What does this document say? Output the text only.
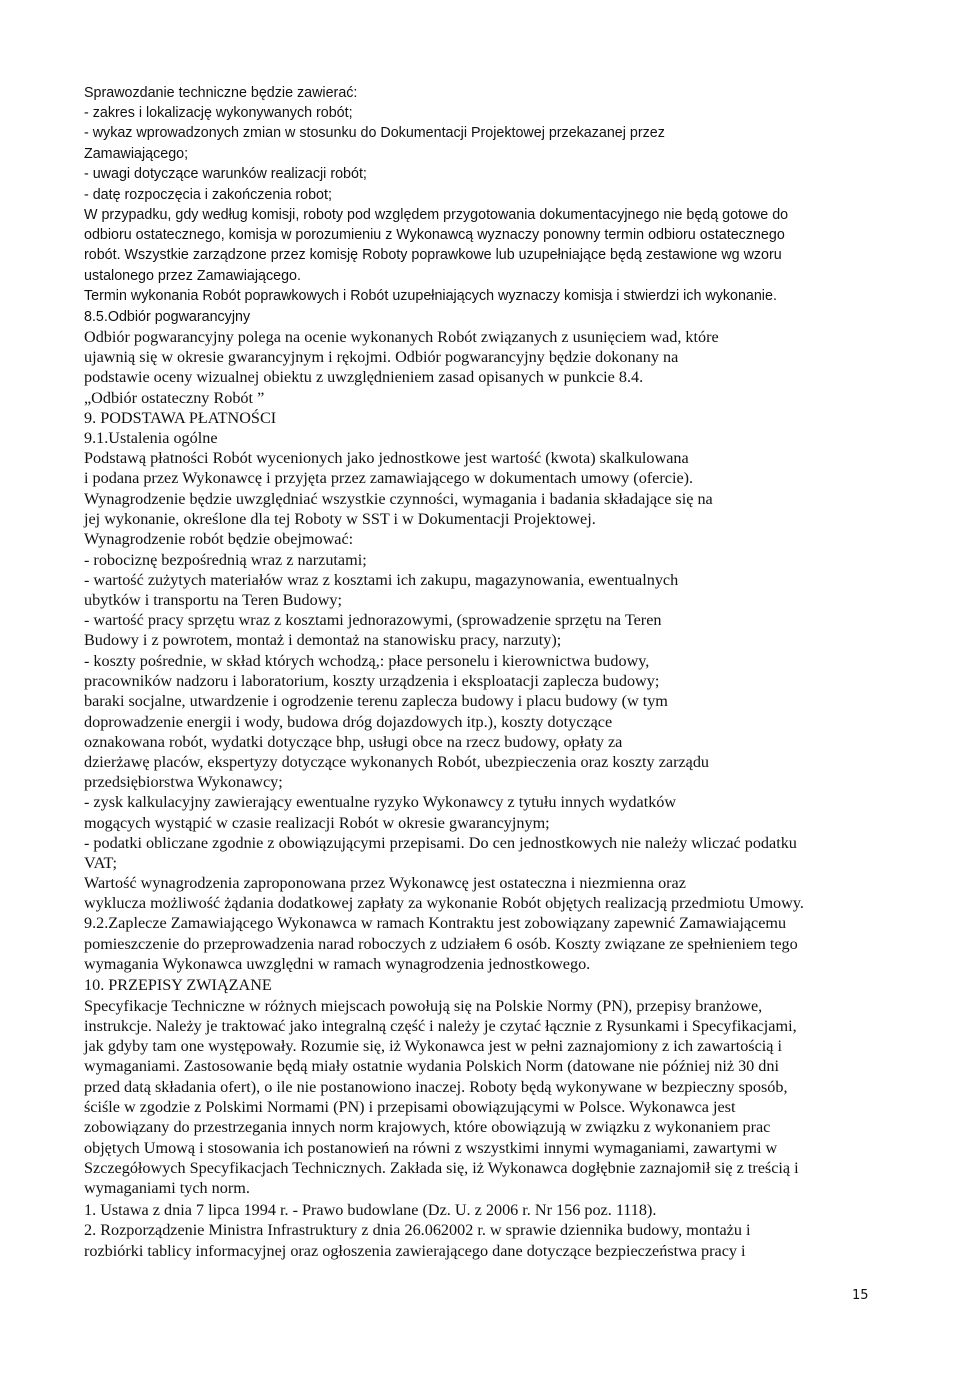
Sprawozdanie techniczne będzie zawierać:

- zakres i lokalizację wykonywanych robót;

- wykaz wprowadzonych zmian w stosunku do Dokumentacji Projektowej przekazanej przez

Zamawiającego;

- uwagi dotyczące warunków realizacji robót;

- datę rozpoczęcia i zakończenia robot;

W przypadku, gdy według komisji, roboty pod względem przygotowania dokumentacyjnego nie będą gotowe do

odbioru ostatecznego, komisja w porozumieniu z Wykonawcą wyznaczy ponowny termin odbioru ostatecznego

robót. Wszystkie zarządzone przez komisję Roboty poprawkowe lub uzupełniające będą zestawione wg wzoru

ustalonego przez Zamawiającego.

Termin wykonania Robót poprawkowych i Robót uzupełniających wyznaczy komisja i stwierdzi ich wykonanie.

8.5.Odbiór pogwarancyjny

Odbiór pogwarancyjny polega na ocenie wykonanych Robót związanych z usunięciem wad, które

ujawnią się w okresie gwarancyjnym i rękojmi. Odbiór pogwarancyjny będzie dokonany na

podstawie oceny wizualnej obiektu z uwzględnieniem zasad opisanych w punkcie 8.4.

„Odbiór ostateczny Robót ”

9. PODSTAWA PŁATNOŚCI

9.1.Ustalenia ogólne

Podstawą płatności Robót wycenionych jako jednostkowe jest wartość (kwota) skalkulowana

i podana przez Wykonawcę i przyjęta przez zamawiającego w dokumentach umowy (ofercie).

Wynagrodzenie będzie uwzględniać wszystkie czynności, wymagania i badania składające się na

jej wykonanie, określone dla tej Roboty w SST i w Dokumentacji Projektowej.

Wynagrodzenie robót będzie obejmować:

- robociznę bezpośrednią wraz z narzutami;

- wartość zużytych materiałów wraz z kosztami ich zakupu, magazynowania, ewentualnych

ubytków i transportu na Teren Budowy;

- wartość pracy sprzętu wraz z kosztami jednorazowymi, (sprowadzenie sprzętu na Teren

Budowy i z powrotem, montaż i demontaż na stanowisku pracy, narzuty);

- koszty pośrednie, w skład których wchodzą,: płace personelu i kierownictwa budowy,

pracowników nadzoru i laboratorium, koszty urządzenia i eksploatacji zaplecza budowy;

baraki socjalne, utwardzenie i ogrodzenie terenu zaplecza budowy i placu budowy (w tym

doprowadzenie energii i wody, budowa dróg dojazdowych itp.), koszty dotyczące

oznakowana robót, wydatki dotyczące bhp, usługi obce na rzecz budowy, opłaty za

dzierżawę placów, ekspertyzy dotyczące wykonanych Robót, ubezpieczenia oraz koszty zarządu

przedsiębiorstwa Wykonawcy;

- zysk kalkulacyjny zawierający ewentualne ryzyko Wykonawcy z tytułu innych wydatków

mogących wystąpić w czasie realizacji Robót w okresie gwarancyjnym;

- podatki obliczane zgodnie z obowiązującymi przepisami. Do cen jednostkowych nie należy wliczać podatku

VAT;

Wartość wynagrodzenia zaproponowana przez Wykonawcę jest ostateczna i niezmienna oraz

wyklucza możliwość żądania dodatkowej zapłaty za wykonanie Robót objętych realizacją przedmiotu Umowy.

9.2.Zaplecze Zamawiającego Wykonawca w ramach Kontraktu jest zobowiązany zapewnić Zamawiającemu

pomieszczenie do przeprowadzenia narad roboczych z udziałem 6 osób. Koszty związane ze spełnieniem tego

wymagania Wykonawca uwzględni w ramach wynagrodzenia jednostkowego.

10. PRZEPISY ZWIĄZANE

Specyfikacje Techniczne w różnych miejscach powołują się na Polskie Normy (PN), przepisy branżowe,

instrukcje. Należy je traktować jako integralną część i należy je czytać łącznie z Rysunkami i Specyfikacjami,

jak gdyby tam one występowały. Rozumie się, iż Wykonawca jest w pełni zaznajomiony z ich zawartością i

wymaganiami. Zastosowanie będą miały ostatnie wydania Polskich Norm (datowane nie później niż 30 dni

przed datą składania ofert), o ile nie postanowiono inaczej. Roboty będą wykonywane w bezpieczny sposób,

ściśle w zgodzie z Polskimi Normami (PN) i przepisami obowiązującymi w Polsce. Wykonawca jest

zobowiązany do przestrzegania innych norm krajowych, które obowiązują w związku z wykonaniem prac

objętych Umową i stosowania ich postanowień na równi z wszystkimi innymi wymaganiami, zawartymi w

Szczegółowych Specyfikacjach Technicznych. Zakłada się, iż Wykonawca dogłębnie zaznajomił się z treścią i

wymaganiami tych norm.

1. Ustawa z dnia 7 lipca 1994 r. - Prawo budowlane (Dz. U. z 2006 r. Nr 156 poz. 1118).

2. Rozporządzenie Ministra Infrastruktury z dnia 26.062002 r. w sprawie dziennika budowy, montażu i

rozbiórki tablicy informacyjnej oraz ogłoszenia zawierającego dane dotyczące bezpieczeństwa pracy i

15
